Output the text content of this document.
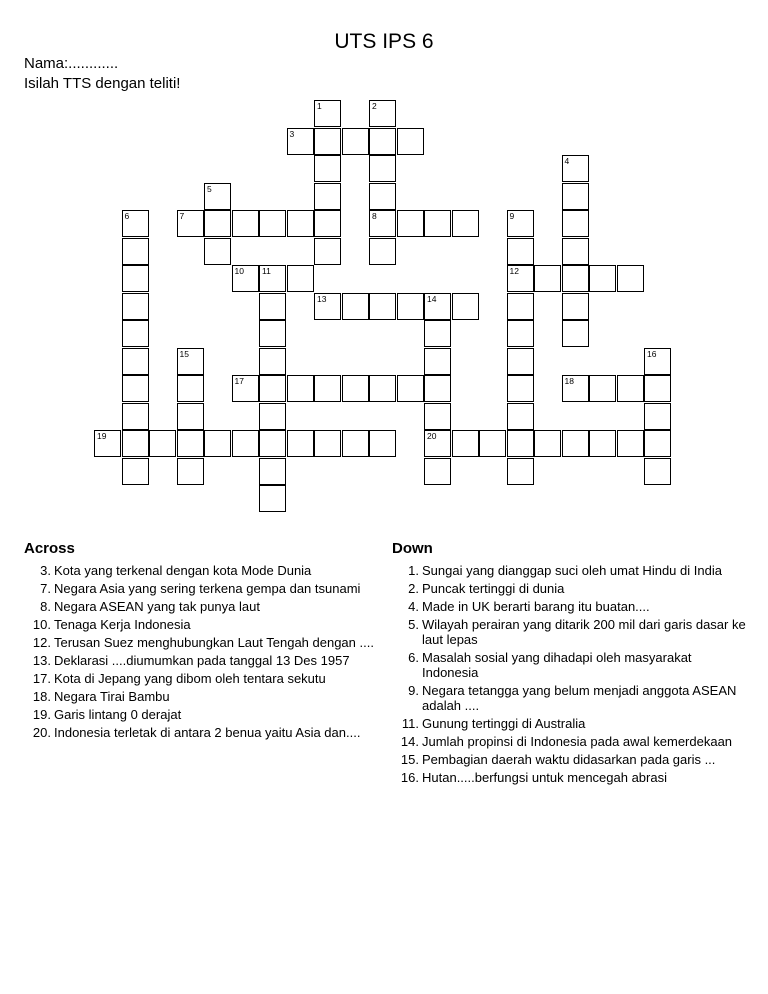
UTS IPS 6
Nama:............
Isilah TTS dengan teliti!
3
7	8
10 11	12
13	14
17	18
19	20
1	2
4
5
6	9
15	16
Across
3. Kota yang terkenal dengan kota Mode Dunia
7. Negara Asia yang sering terkena gempa dan tsunami
8. Negara ASEAN yang tak punya laut
10. Tenaga Kerja Indonesia
12. Terusan Suez menghubungkan Laut Tengah dengan ....
13. Deklarasi ....diumumkan pada tanggal 13 Des 1957
17. Kota di Jepang yang dibom oleh tentara sekutu
18. Negara Tirai Bambu
19. Garis lintang 0 derajat
20. Indonesia terletak di antara 2 benua yaitu Asia dan....
Down
1. Sungai yang dianggap suci oleh umat Hindu di India
2. Puncak tertinggi di dunia
4. Made in UK berarti barang itu buatan....
5. Wilayah perairan yang ditarik 200 mil dari garis dasar ke laut lepas
6. Masalah sosial yang dihadapi oleh masyarakat Indonesia
9. Negara tetangga yang belum menjadi anggota ASEAN adalah ....
11. Gunung tertinggi di Australia
14. Jumlah propinsi di Indonesia pada awal kemerdekaan
15. Pembagian daerah waktu didasarkan pada garis ...
16. Hutan.....berfungsi untuk mencegah abrasi
